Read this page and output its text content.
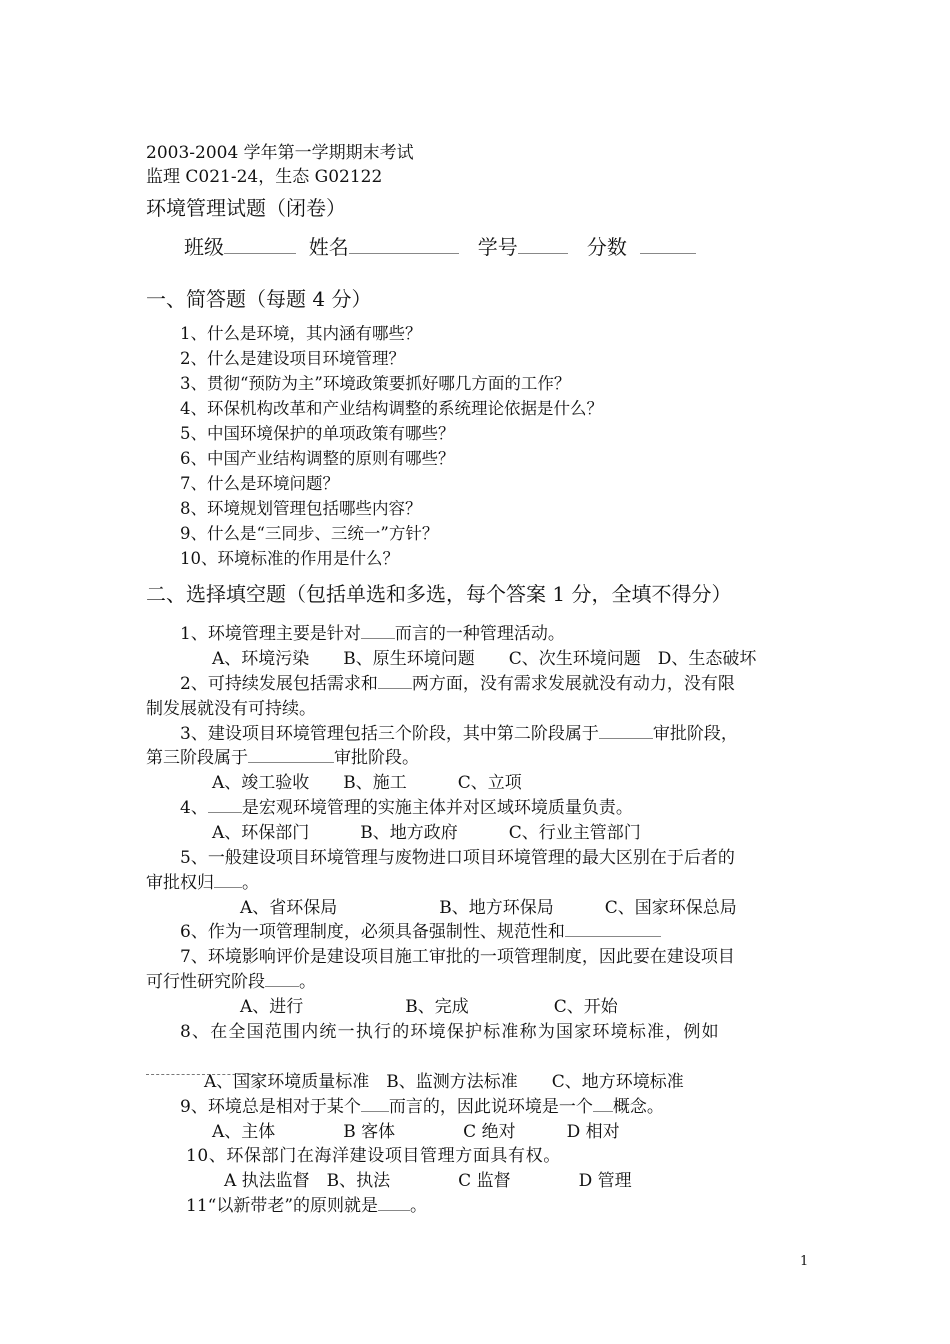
2003-2004 学年第一学期期末考试
监理 C021-24，生态 G02122
环境管理试题（闭卷）
班级	姓名	学号	分数
一、简答题（每题 4 分）
1、什么是环境，其内涵有哪些？
2、什么是建设项目环境管理？
3、贯彻“预防为主”环境政策要抓好哪几方面的工作？
4、环保机构改革和产业结构调整的系统理论依据是什么？
5、中国环境保护的单项政策有哪些？
6、中国产业结构调整的原则有哪些？
7、什么是环境问题？
8、环境规划管理包括哪些内容？
9、什么是“三同步、三统一”方针？
10、环境标准的作用是什么？
二、选择填空题（包括单选和多选，每个答案 1 分，全填不得分）
1、环境管理主要是针对 而言的一种管理活动。
A、环境污染　　B、原生环境问题　　C、次生环境问题　D、生态破坏
2、可持续发展包括需求和 两方面，没有需求发展就没有动力，没有限
制发展就没有可持续。
3、建设项目环境管理包括三个阶段，其中第二阶段属于	审批阶段，
第三阶段属于	审批阶段。
A、竣工验收　　B、施工　　　C、立项
4、 是宏观环境管理的实施主体并对区域环境质量负责。
A、环保部门　　　B、地方政府　　　C、行业主管部门
5、一般建设项目环境管理与废物进口项目环境管理的最大区别在于后者的
审批权归 。
A、省环保局　　　　　　B、地方环保局　　　C、国家环保总局
6、作为一项管理制度，必须具备强制性、规范性和
7、环境影响评价是建设项目施工审批的一项管理制度，因此要在建设项目
可行性研究阶段 。
A、进行　　　　　　B、完成　　　　　C、开始
8、在全国范围内统一执行的环境保护标准称为国家环境标准，例如
A、国家环境质量标准　B、监测方法标准　　C、地方环境标准
9、环境总是相对于某个 而言的，因此说环境是一个 概念。
A、主体　　　　B 客体　　　　C 绝对　　　D 相对
10、环保部门在海洋建设项目管理方面具有权。
A 执法监督　B、执法　　　　C 监督　　　　D 管理
11“以新带老”的原则就是 。
1
